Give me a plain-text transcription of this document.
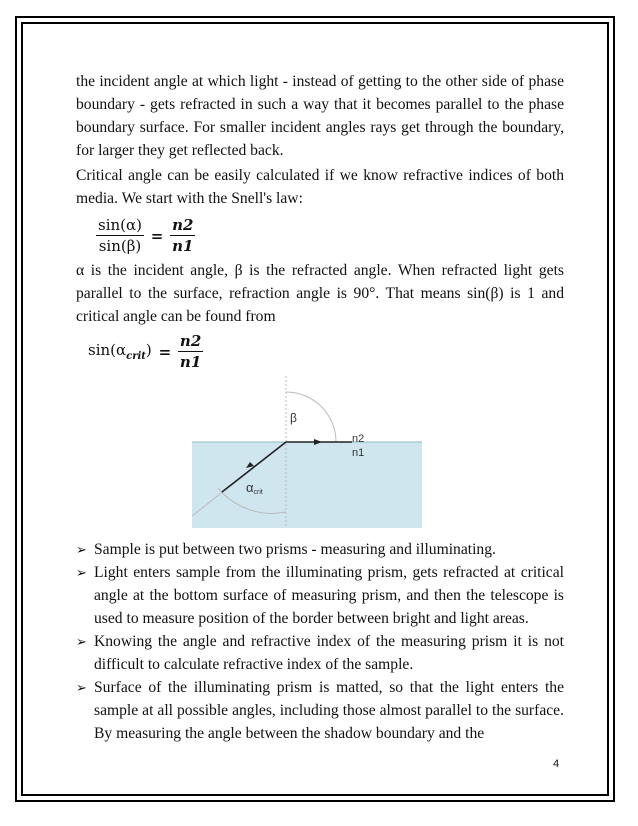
the incident angle at which light - instead of getting to the other side of phase boundary - gets refracted in such a way that it becomes parallel to the phase boundary surface. For smaller incident angles rays get through the boundary, for larger they get reflected back.

Critical angle can be easily calculated if we know refractive indices of both media. We start with the Snell's law:

$\frac{\sin(\alpha)}{\sin(\beta)} = \frac{n2}{n1}$

α is the incident angle, β is the refracted angle. When refracted light gets parallel to the surface, refraction angle is 90°. That means sin(β) is 1 and critical angle can be found from

$\sin(\alpha_{crit}) = \frac{n2}{n1}$
β
αcrit
n2
n1
➢ Sample is put between two prisms - measuring and illuminating.
➢ Light enters sample from the illuminating prism, gets refracted at critical angle at the bottom surface of measuring prism, and then the telescope is used to measure position of the border between bright and light areas.
➢ Knowing the angle and refractive index of the measuring prism it is not difficult to calculate refractive index of the sample.
➢ Surface of the illuminating prism is matted, so that the light enters the sample at all possible angles, including those almost parallel to the surface. By measuring the angle between the shadow boundary and the
4
